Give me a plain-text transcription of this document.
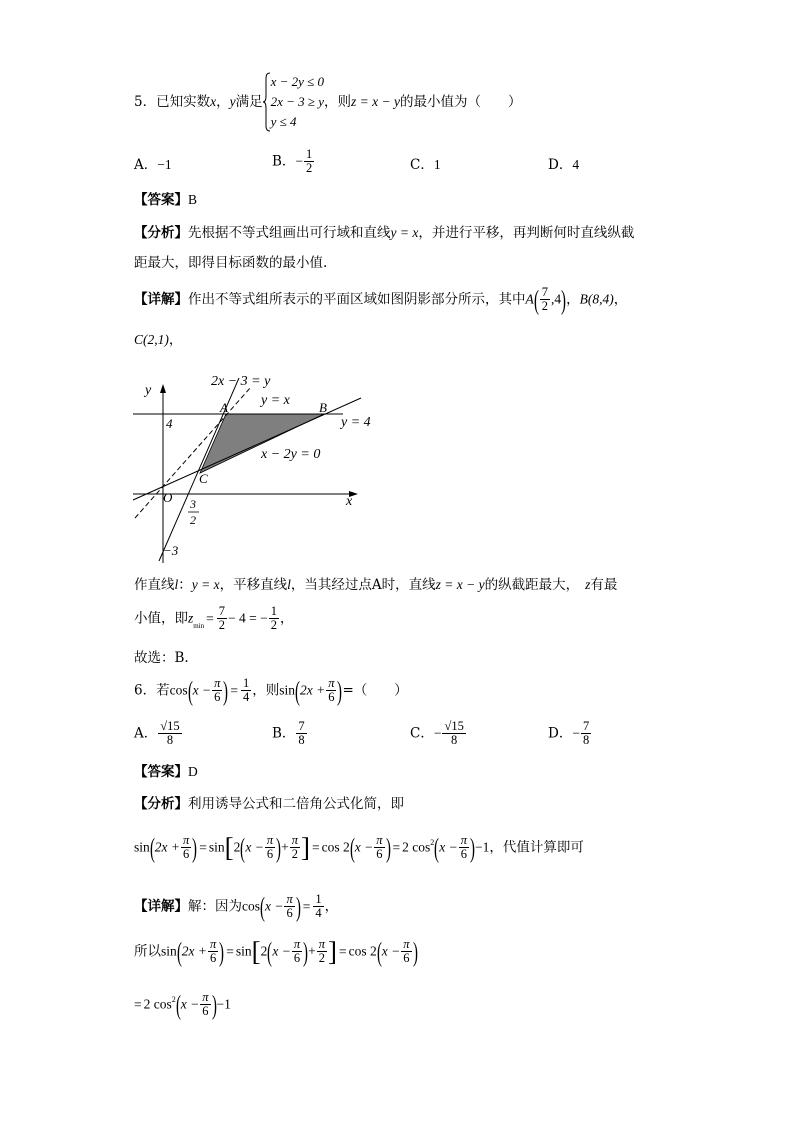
5．已知实数x，y满足
x − 2y ≤ 0
2x − 3 ≥ y
y ≤ 4
，则z = x − y的最小值为（　　）
A．−1	B．− $\frac{1}{2}$	C．1	D．4
【答案】B
【分析】先根据不等式组画出可行域和直线y = x，并进行平移，再判断何时直线纵截
距最大，即得目标函数的最小值.
【详解】作出不等式组所表示的平面区域如图阴影部分所示，其中$A( \frac{7}{2} ,4)$，B(8,4)，
C(2,1)，
2x − 3 = y
y = x
y = 4
x − 2y = 0
y
x
O
A	B
C
4
3
2
−3
作直线l：y = x，平移直线l，当其经过点A时，直线z = x − y的纵截距最大， z有最
小值，即$z_{min}= \frac{7}{2} - 4$ = − $\frac{1}{2}$ ，
故选：B.
6．若$\cos(x - \frac{\pi}{6}$ ) = $\frac{1}{4}$ ，则$\sin(2x + \frac{\pi}{6}$ )=（　　）
A． $\frac{√15}{8}$	B． $\frac{7}{8}$	C．− $\frac{√15}{8}$	D．− $\frac{7}{8}$
【答案】D
【分析】利用诱导公式和二倍角公式化简，即
$\sin(2x + \frac{\pi}{6}$ ) = $\sin[2(x - \frac{\pi}{6}$ )+ $\frac{\pi}{2}$ ] = $\cos 2(x - \frac{\pi}{6}$ ) = 2 $\cos^2(x - \frac{\pi}{6} )-1$，代值计算即可
【详解】解：因为$\cos(x - \frac{\pi}{6}$ ) = $\frac{1}{4}$ ，
所以$\sin(2x + \frac{\pi}{6}$ ) = $\sin[2(x - \frac{\pi}{6}$ )+ $\frac{\pi}{2}$ ] = $\cos 2(x - \frac{\pi}{6}$ )
= 2 $\cos^2(x - \frac{\pi}{6} )-1$
